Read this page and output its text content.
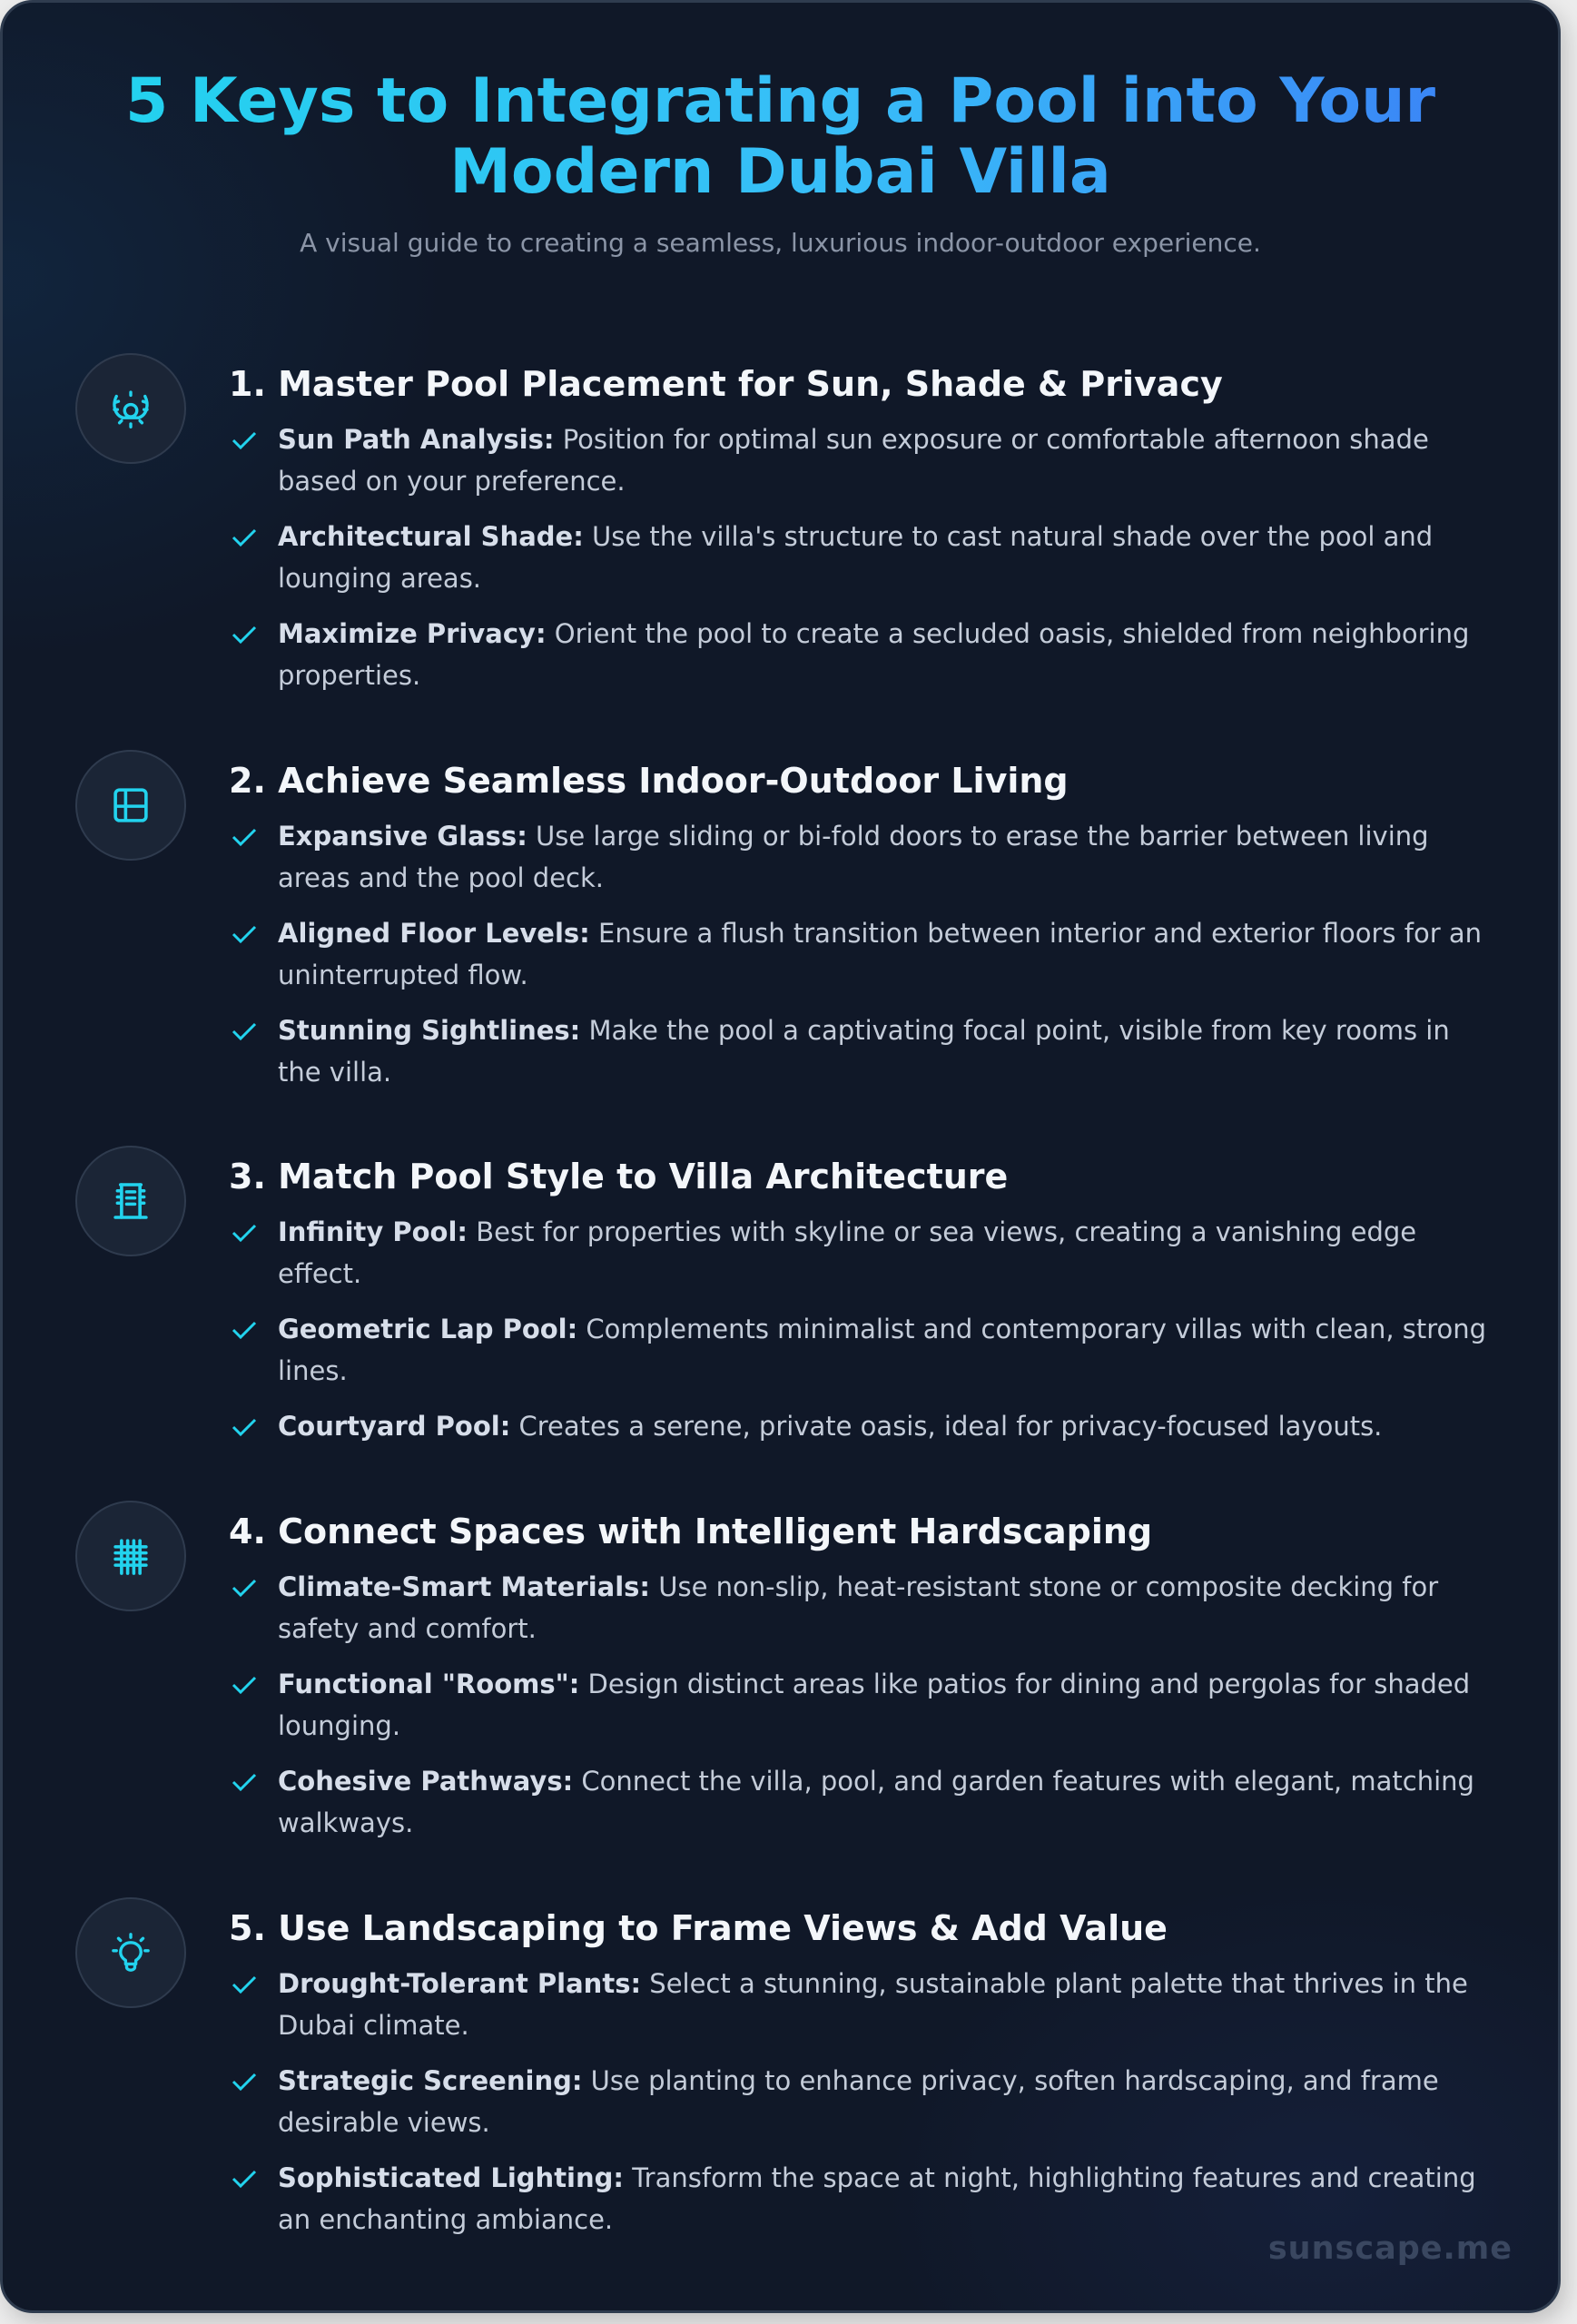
5 Keys to Integrating a Pool into Your Modern Dubai Villa
A visual guide to creating a seamless, luxurious indoor-outdoor experience.
1. Master Pool Placement for Sun, Shade & Privacy
Sun Path Analysis: Position for optimal sun exposure or comfortable afternoon shade based on your preference.
Architectural Shade: Use the villa's structure to cast natural shade over the pool and lounging areas.
Maximize Privacy: Orient the pool to create a secluded oasis, shielded from neighboring properties.
2. Achieve Seamless Indoor-Outdoor Living
Expansive Glass: Use large sliding or bi-fold doors to erase the barrier between living areas and the pool deck.
Aligned Floor Levels: Ensure a flush transition between interior and exterior floors for an uninterrupted flow.
Stunning Sightlines: Make the pool a captivating focal point, visible from key rooms in the villa.
3. Match Pool Style to Villa Architecture
Infinity Pool: Best for properties with skyline or sea views, creating a vanishing edge effect.
Geometric Lap Pool: Complements minimalist and contemporary villas with clean, strong lines.
Courtyard Pool: Creates a serene, private oasis, ideal for privacy-focused layouts.
4. Connect Spaces with Intelligent Hardscaping
Climate-Smart Materials: Use non-slip, heat-resistant stone or composite decking for safety and comfort.
Functional "Rooms": Design distinct areas like patios for dining and pergolas for shaded lounging.
Cohesive Pathways: Connect the villa, pool, and garden features with elegant, matching walkways.
5. Use Landscaping to Frame Views & Add Value
Drought-Tolerant Plants: Select a stunning, sustainable plant palette that thrives in the Dubai climate.
Strategic Screening: Use planting to enhance privacy, soften hardscaping, and frame desirable views.
Sophisticated Lighting: Transform the space at night, highlighting features and creating an enchanting ambiance.
sunscape.me
